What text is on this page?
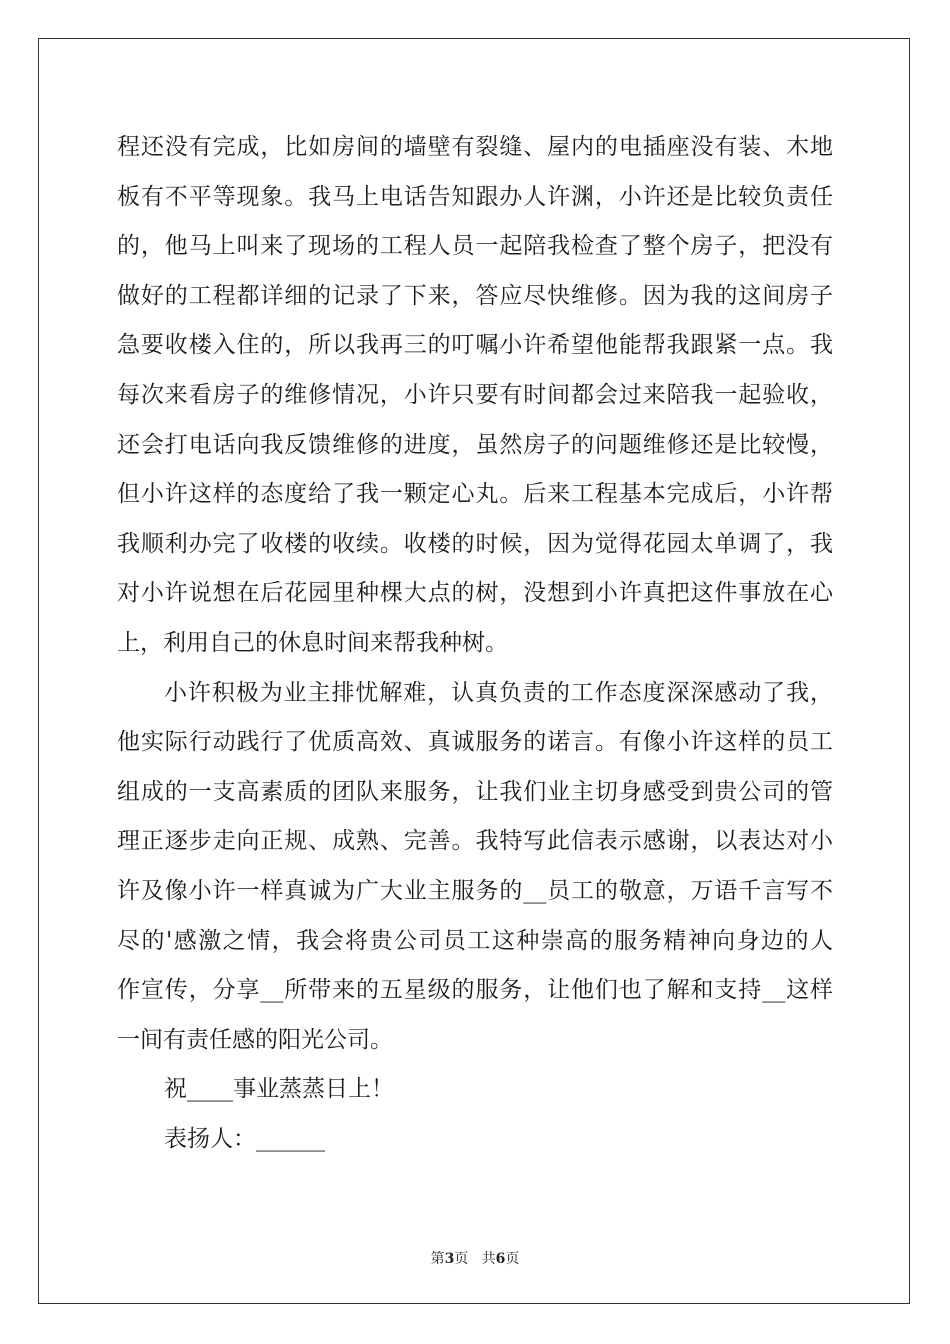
程还没有完成，比如房间的墙壁有裂缝、屋内的电插座没有装、木地
板有不平等现象。我马上电话告知跟办人许渊，小许还是比较负责任
的，他马上叫来了现场的工程人员一起陪我检查了整个房子，把没有
做好的工程都详细的记录了下来，答应尽快维修。因为我的这间房子
急要收楼入住的，所以我再三的叮嘱小许希望他能帮我跟紧一点。我
每次来看房子的维修情况，小许只要有时间都会过来陪我一起验收，
还会打电话向我反馈维修的进度，虽然房子的问题维修还是比较慢，
但小许这样的态度给了我一颗定心丸。后来工程基本完成后，小许帮
我顺利办完了收楼的收续。收楼的时候，因为觉得花园太单调了，我
对小许说想在后花园里种棵大点的树，没想到小许真把这件事放在心
上，利用自己的休息时间来帮我种树。
小许积极为业主排忧解难，认真负责的工作态度深深感动了我，
他实际行动践行了优质高效、真诚服务的诺言。有像小许这样的员工
组成的一支高素质的团队来服务，让我们业主切身感受到贵公司的管
理正逐步走向正规、成熟、完善。我特写此信表示感谢，以表达对小
许及像小许一样真诚为广大业主服务的__员工的敬意，万语千言写不
尽的'感激之情，我会将贵公司员工这种崇高的服务精神向身边的人
作宣传，分享__所带来的五星级的服务，让他们也了解和支持__这样
一间有责任感的阳光公司。
祝____事业蒸蒸日上！
表扬人：______
第3页 共6页
